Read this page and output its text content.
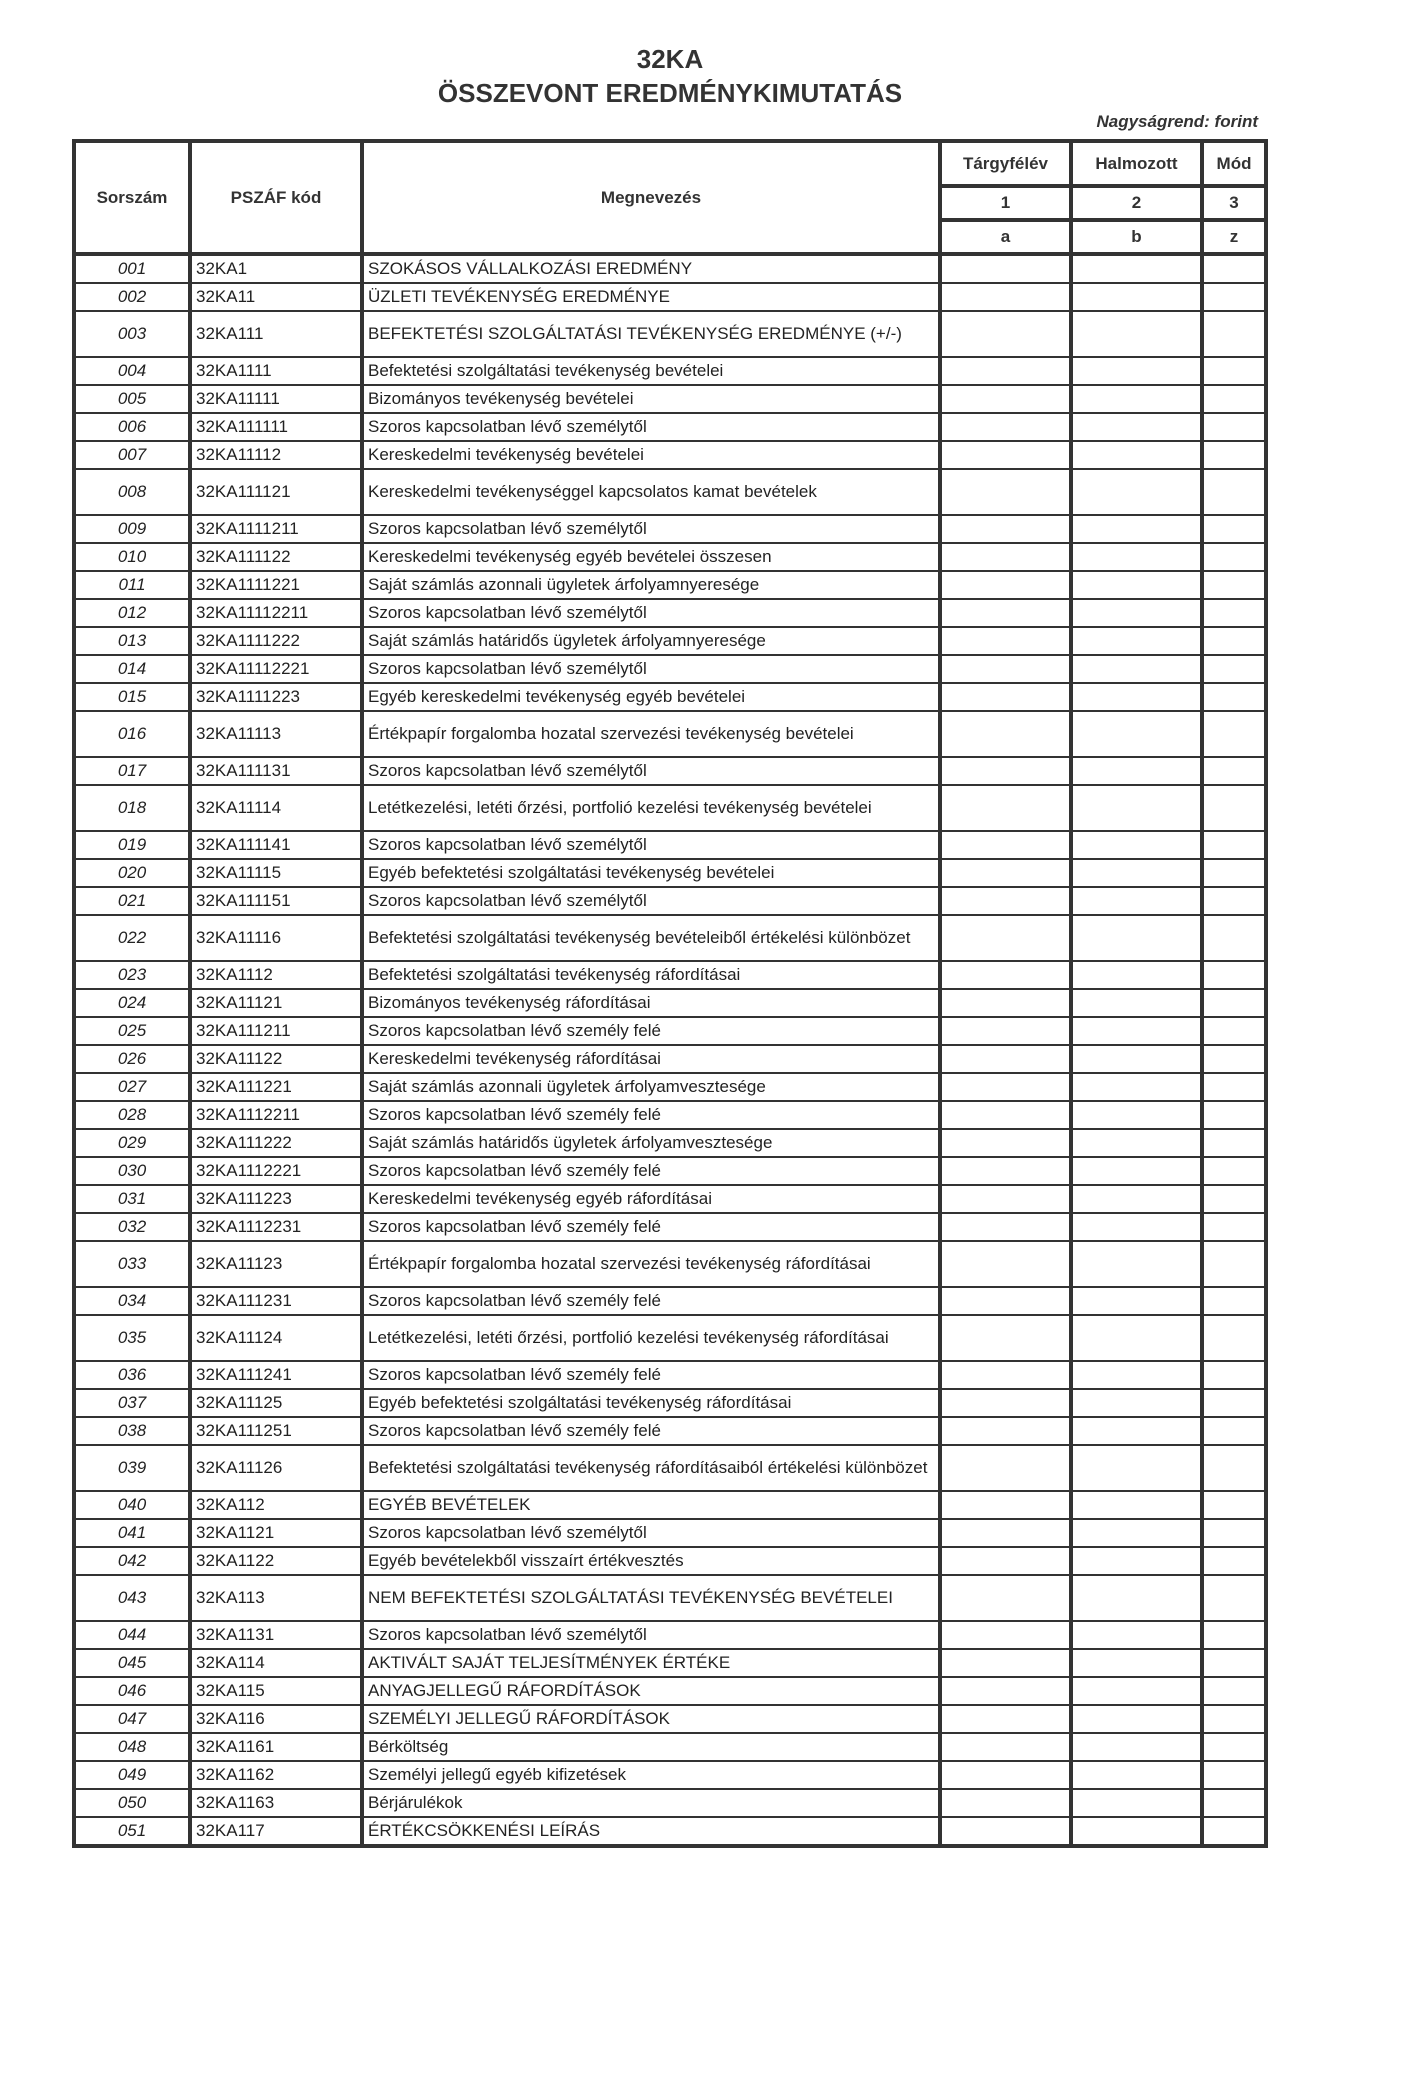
32KA
ÖSSZEVONT EREDMÉNYKIMUTATÁS
Nagyságrend: forint
Sorszám	PSZÁF kód	Megnevezés	Tárgyfélév	Halmozott	Mód
			1	2	3
			a	b	z
001	32KA1	SZOKÁSOS VÁLLALKOZÁSI EREDMÉNY			
002	32KA11	ÜZLETI TEVÉKENYSÉG EREDMÉNYE			
003	32KA111	BEFEKTETÉSI SZOLGÁLTATÁSI TEVÉKENYSÉG EREDMÉNYE (+/-)			
004	32KA1111	Befektetési szolgáltatási tevékenység bevételei			
005	32KA11111	Bizományos tevékenység bevételei			
006	32KA111111	Szoros kapcsolatban lévő személytől			
007	32KA11112	Kereskedelmi tevékenység bevételei			
008	32KA111121	Kereskedelmi tevékenységgel kapcsolatos kamat bevételek			
009	32KA1111211	Szoros kapcsolatban lévő személytől			
010	32KA111122	Kereskedelmi tevékenység egyéb bevételei összesen			
011	32KA1111221	Saját számlás azonnali ügyletek árfolyamnyeresége			
012	32KA11112211	Szoros kapcsolatban lévő személytől			
013	32KA1111222	Saját számlás határidős ügyletek árfolyamnyeresége			
014	32KA11112221	Szoros kapcsolatban lévő személytől			
015	32KA1111223	Egyéb kereskedelmi tevékenység egyéb bevételei			
016	32KA11113	Értékpapír forgalomba hozatal szervezési tevékenység bevételei			
017	32KA111131	Szoros kapcsolatban lévő személytől			
018	32KA11114	Letétkezelési, letéti őrzési, portfolió kezelési tevékenység bevételei			
019	32KA111141	Szoros kapcsolatban lévő személytől			
020	32KA11115	Egyéb befektetési szolgáltatási tevékenység bevételei			
021	32KA111151	Szoros kapcsolatban lévő személytől			
022	32KA11116	Befektetési szolgáltatási tevékenység bevételeiből értékelési különbözet			
023	32KA1112	Befektetési szolgáltatási tevékenység ráfordításai			
024	32KA11121	Bizományos tevékenység ráfordításai			
025	32KA111211	Szoros kapcsolatban lévő személy felé			
026	32KA11122	Kereskedelmi tevékenység ráfordításai			
027	32KA111221	Saját számlás azonnali ügyletek árfolyamvesztesége			
028	32KA1112211	Szoros kapcsolatban lévő személy felé			
029	32KA111222	Saját számlás határidős ügyletek árfolyamvesztesége			
030	32KA1112221	Szoros kapcsolatban lévő személy felé			
031	32KA111223	Kereskedelmi tevékenység egyéb ráfordításai			
032	32KA1112231	Szoros kapcsolatban lévő személy felé			
033	32KA11123	Értékpapír forgalomba hozatal szervezési tevékenység ráfordításai			
034	32KA111231	Szoros kapcsolatban lévő személy felé			
035	32KA11124	Letétkezelési, letéti őrzési, portfolió kezelési tevékenység ráfordításai			
036	32KA111241	Szoros kapcsolatban lévő személy felé			
037	32KA11125	Egyéb befektetési szolgáltatási tevékenység ráfordításai			
038	32KA111251	Szoros kapcsolatban lévő személy felé			
039	32KA11126	Befektetési szolgáltatási tevékenység ráfordításaiból értékelési különbözet			
040	32KA112	EGYÉB BEVÉTELEK			
041	32KA1121	Szoros kapcsolatban lévő személytől			
042	32KA1122	Egyéb bevételekből visszaírt értékvesztés			
043	32KA113	NEM BEFEKTETÉSI SZOLGÁLTATÁSI TEVÉKENYSÉG BEVÉTELEI			
044	32KA1131	Szoros kapcsolatban lévő személytől			
045	32KA114	AKTIVÁLT SAJÁT TELJESÍTMÉNYEK ÉRTÉKE			
046	32KA115	ANYAGJELLEGŰ RÁFORDÍTÁSOK			
047	32KA116	SZEMÉLYI JELLEGŰ RÁFORDÍTÁSOK			
048	32KA1161	Bérköltség			
049	32KA1162	Személyi jellegű egyéb kifizetések			
050	32KA1163	Bérjárulékok			
051	32KA117	ÉRTÉKCSÖKKENÉSI LEÍRÁS			
